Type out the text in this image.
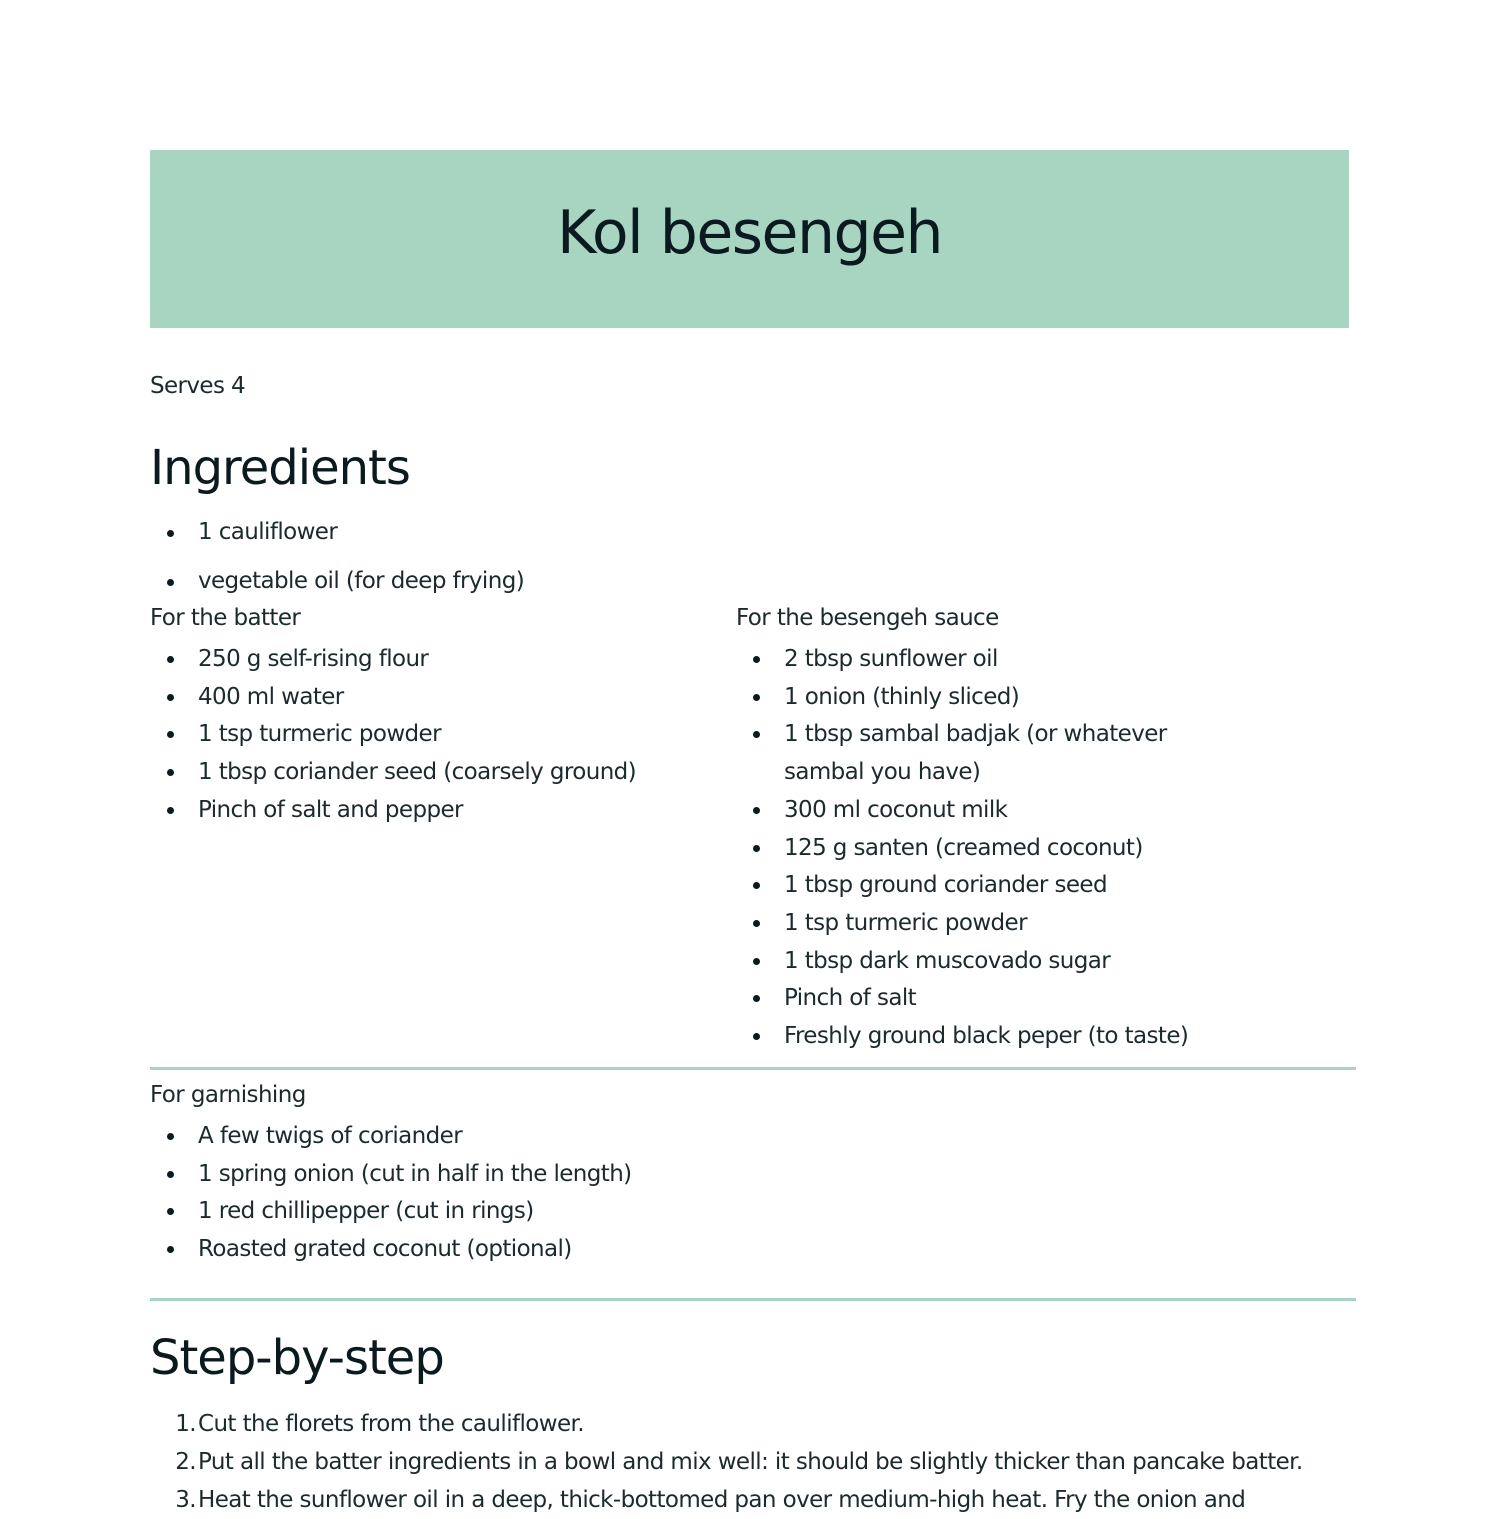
Kol besengeh
Serves 4
Ingredients
1 cauliflower
vegetable oil (for deep frying)

For the batter

250 g self-rising flour
400 ml water
1 tsp turmeric powder
1 tbsp coriander seed (coarsely ground)
Pinch of salt and pepper

For the besengeh sauce

2 tbsp sunflower oil
1 onion (thinly sliced)
1 tbsp sambal badjak (or whatever sambal you have)
300 ml coconut milk
125 g santen (creamed coconut)
1 tbsp ground coriander seed
1 tsp turmeric powder
1 tbsp dark muscovado sugar
Pinch of salt
Freshly ground black peper (to taste)

For garnishing

A few twigs of coriander
1 spring onion (cut in half in the length)
1 red chillipepper (cut in rings)
Roasted grated coconut (optional)
Step-by-step
1. Cut the florets from the cauliflower.
2. Put all the batter ingredients in a bowl and mix well: it should be slightly thicker than pancake batter.
3. Heat the sunflower oil in a deep, thick-bottomed pan over medium-high heat. Fry the onion and
